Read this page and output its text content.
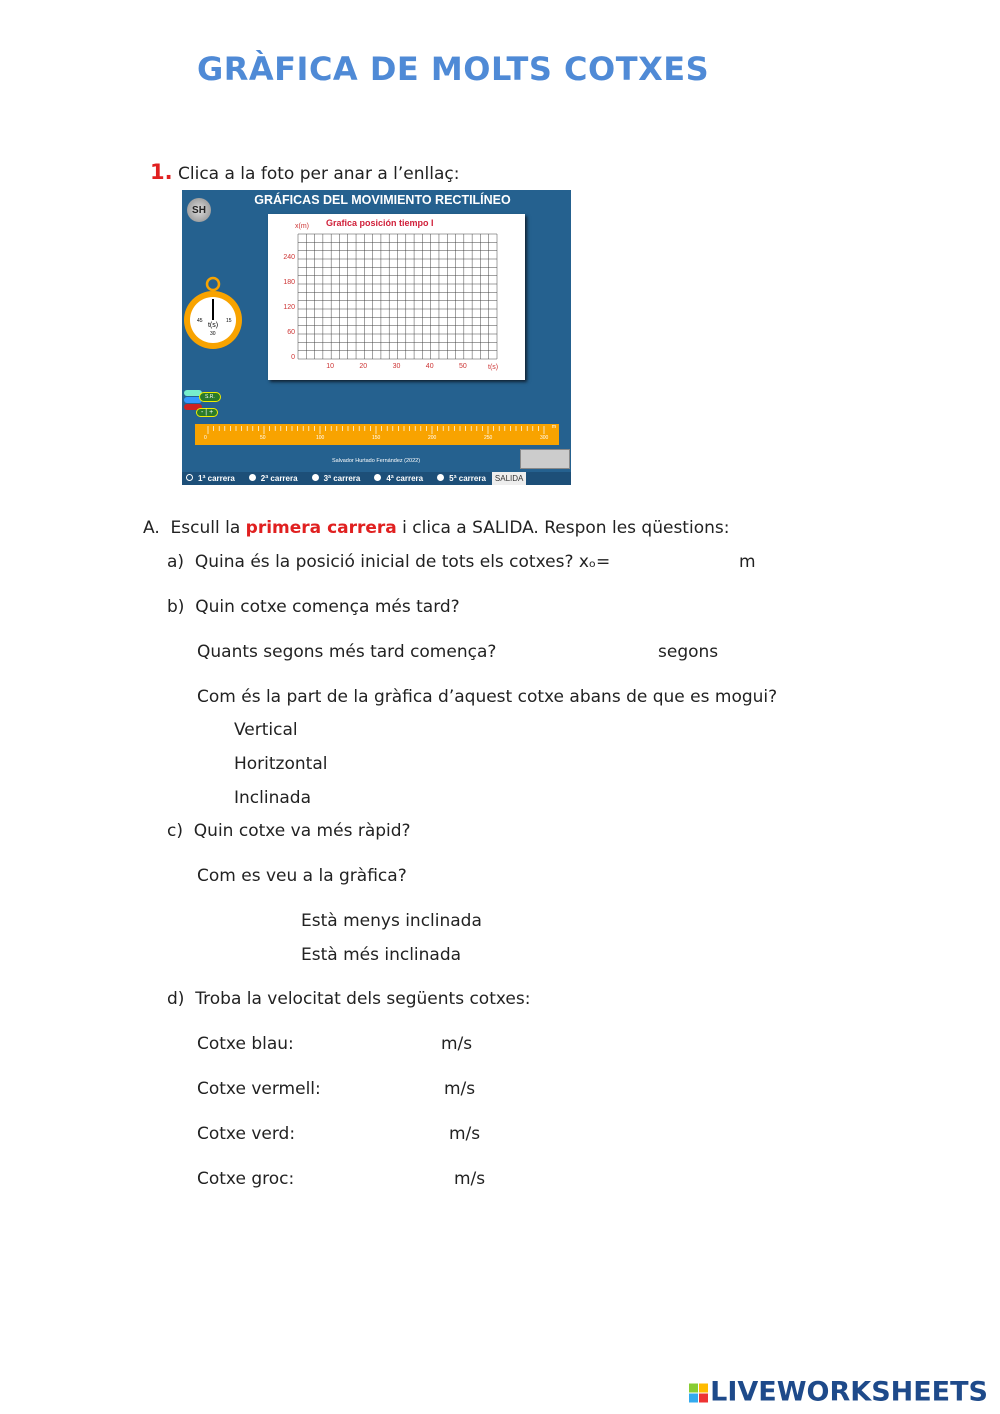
GRÀFICA DE MOLTS COTXES
1. Clica a la foto per anar a l’enllaç:
GRÁFICAS DEL MOVIMIENTO RECTILÍNEO
SH
t(s)
45	15
30
Grafica posición tiempo I
x(m)
t(s)
0
60
120
180
240
10	20	30	40	50
S.R.
- | +
m
0	50	100	150	200	250	300
Salvador Hurtado Fernández (2022)
1ª carrera	2ª carrera	3ª carrera	4ª carrera	5ª carrera	SALIDA
A. Escull la primera carrera i clica a SALIDA. Respon les qüestions:
a) Quina és la posició inicial de tots els cotxes? xₒ=	m
b) Quin cotxe comença més tard?
Quants segons més tard comença?	segons
Com és la part de la gràfica d’aquest cotxe abans de que es mogui?
Vertical
Horitzontal
Inclinada
c) Quin cotxe va més ràpid?
Com es veu a la gràfica?
Està menys inclinada
Està més inclinada
d) Troba la velocitat dels següents cotxes:
Cotxe blau:	m/s
Cotxe vermell:	m/s
Cotxe verd:	m/s
Cotxe groc:	m/s
LIVEWORKSHEETS
